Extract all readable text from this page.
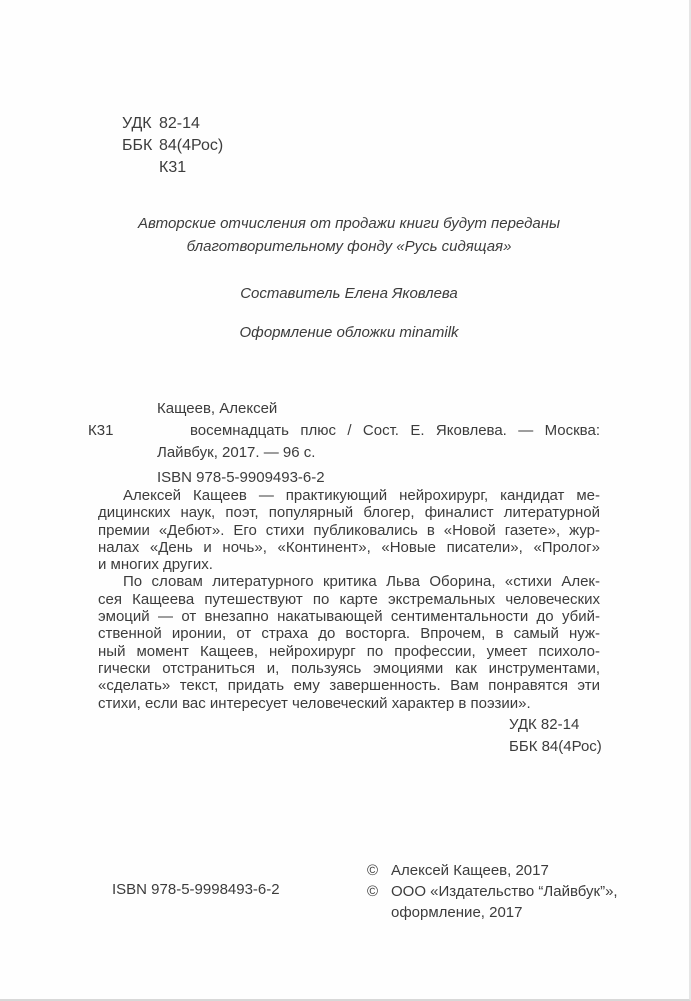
УДК 82-14
ББК 84(4Рос)
К31
Авторские отчисления от продажи книги будут переданы
благотворительному фонду «Русь сидящая»
Составитель Елена Яковлева
Оформление обложки minamilk
Кащеев, Алексей
К31	восемнадцать плюс / Сост. Е. Яковлева. — Москва:
Лайвбук, 2017. — 96 с.
ISBN 978-5-9909493-6-2
Алексей Кащеев — практикующий нейрохирург, кандидат ме-
дицинских наук, поэт, популярный блогер, финалист литературной
премии «Дебют». Его стихи публиковались в «Новой газете», жур-
налах «День и ночь», «Континент», «Новые писатели», «Пролог»
и многих других.
По словам литературного критика Льва Оборина, «стихи Алек-
сея Кащеева путешествуют по карте экстремальных человеческих
эмоций — от внезапно накатывающей сентиментальности до убий-
ственной иронии, от страха до восторга. Впрочем, в самый нуж-
ный момент Кащеев, нейрохирург по профессии, умеет психоло-
гически отстраниться и, пользуясь эмоциями как инструментами,
«сделать» текст, придать ему завершенность. Вам понравятся эти
стихи, если вас интересует человеческий характер в поэзии».
УДК 82-14
ББК 84(4Рос)
ISBN 978-5-9998493-6-2
© Алексей Кащеев, 2017
© ООО «Издательство “Лайвбук”»,
оформление, 2017
